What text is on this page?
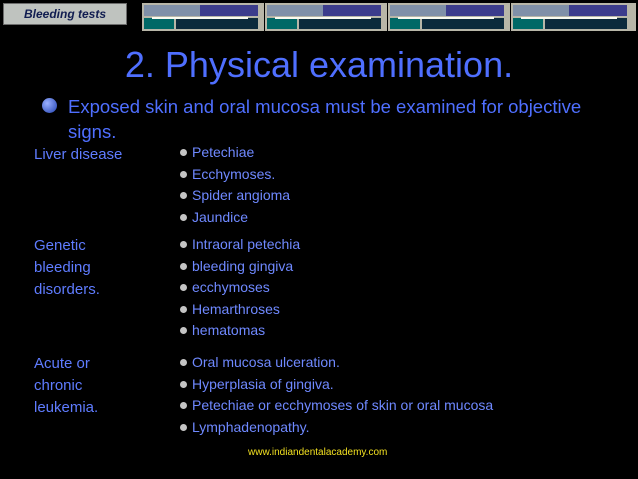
Bleeding tests
2. Physical examination.
Exposed skin and oral mucosa must be examined for objective signs.
Liver disease	Petechiae
Ecchymoses.
Spider angioma
Jaundice
Genetic bleeding disorders.
Intraoral petechia
bleeding gingiva
ecchymoses
Hemarthroses
hematomas
Acute or chronic leukemia.
Oral mucosa ulceration.
Hyperplasia of gingiva.
Petechiae or ecchymoses of skin or oral mucosa
Lymphadenopathy.
www.indiandentalacademy.com
